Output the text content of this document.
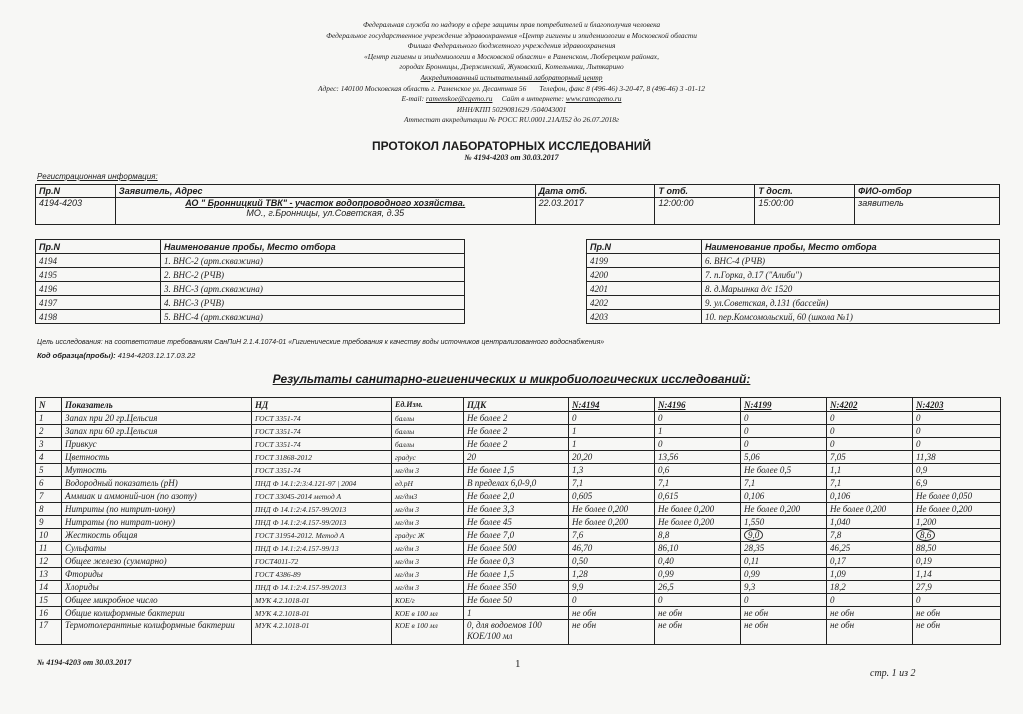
Федеральная служба по надзору в сфере защиты прав потребителей и благополучия человека
Федеральное государственное учреждение здравоохранения «Центр гигиены и эпидемиологии в Московской области
Филиал Федерального бюджетного учреждения здравоохранения
«Центр гигиены и эпидемиологии в Московской области» в Раменском, Люберецком районах,
городах Бронницы, Дзержинский, Жуковский, Котельники, Лыткарино
Аккредитованный испытательный лабораторный центр
Адрес: 140100 Московская область г. Раменское ул. Десантная 56 Телефон, факс 8 (496-46) 3-20-47, 8 (496-46) 3 -01-12
E-mail: ramenskoe@cgemo.ru Сайт в интернете: www.ramcgemo.ru
ИНН/КПП 5029081629 /504043001
Аттестат аккредитации № РОСС RU.0001.21АЛ52 до 26.07.2018г
ПРОТОКОЛ ЛАБОРАТОРНЫХ ИССЛЕДОВАНИЙ
№ 4194-4203 от 30.03.2017
Регистрационная информация:
Пр.N	Заявитель, Адрес	Дата отб.	Т отб.	Т дост.	ФИО-отбор
4194-4203	АО " Бронницкий ТВК" - участок водопроводного хозяйства.
МО., г.Бронницы, ул.Советская, д.35	22.03.2017	12:00:00	15:00:00	заявитель
Пр.N	Наименование пробы, Место отбора
4194	1. ВНС-2 (арт.скважина)
4195	2. ВНС-2 (РЧВ)
4196	3. ВНС-3 (арт.скважина)
4197	4. ВНС-3 (РЧВ)
4198	5. ВНС-4 (арт.скважина)
Пр.N	Наименование пробы, Место отбора
4199	6. ВНС-4 (РЧВ)
4200	7. п.Горка, д.17 ("Алиби")
4201	8. д.Марьинка д/с 1520
4202	9. ул.Советская, д.131 (бассейн)
4203	10. пер.Комсомольский, 60 (школа №1)
Цель исследования: на соответствие требованиям СанПиН 2.1.4.1074-01 «Гигиенические требования к качеству воды источников централизованного водоснабжения»
Код образца(пробы): 4194-4203.12.17.03.22
Результаты санитарно-гигиенических и микробиологических исследований:
N	Показатель	НД	Ед.Изм.	ПДК	N:4194	N:4196	N:4199	N:4202	N:4203
1	Запах при 20 гр.Цельсия	ГОСТ 3351-74	баллы	Не более 2	0	0	0	0	0
2	Запах при 60 гр.Цельсия	ГОСТ 3351-74	баллы	Не более 2	1	1	0	0	0
3	Привкус	ГОСТ 3351-74	баллы	Не более 2	1	0	0	0	0
4	Цветность	ГОСТ 31868-2012	градус	20	20,20	13,56	5,06	7,05	11,38
5	Мутность	ГОСТ 3351-74	мг/дм 3	Не более 1,5	1,3	0,6	Не более 0,5	1,1	0,9
6	Водородный показатель (pH)	ПНД Ф 14.1:2:3:4.121-97 | 2004	ед.pH	В пределах 6,0-9,0	7,1	7,1	7,1	7,1	6,9
7	Аммиак и аммоний-ион (по азоту)	ГОСТ 33045-2014 метод А	мг/дм3	Не более 2,0	0,605	0,615	0,106	0,106	Не более 0,050
8	Нитриты (по нитрит-иону)	ПНД Ф 14.1:2:4.157-99/2013	мг/дм 3	Не более 3,3	Не более 0,200	Не более 0,200	Не более 0,200	Не более 0,200	Не более 0,200
9	Нитраты (по нитрат-иону)	ПНД Ф 14.1:2:4.157-99/2013	мг/дм 3	Не более 45	Не более 0,200	Не более 0,200	1,550	1,040	1,200
10	Жесткость общая	ГОСТ 31954-2012. Метод А	градус Ж	Не более 7,0	7,6	8,8	9,0	7,8	8,6
11	Сульфаты	ПНД Ф 14.1:2:4.157-99/13	мг/дм 3	Не более 500	46,70	86,10	28,35	46,25	88,50
12	Общее железо (суммарно)	ГОСТ4011-72	мг/дм 3	Не более 0,3	0,50	0,40	0,11	0,17	0,19
13	Фториды	ГОСТ 4386-89	мг/дм 3	Не более 1,5	1,28	0,99	0,99	1,09	1,14
14	Хлориды	ПНД Ф 14.1:2:4.157-99/2013	мг/дм 3	Не более 350	9,9	26,5	9,3	18,2	27,9
15	Общее микробное число	МУК 4.2.1018-01	КОЕ/г	Не более 50	0	0	0	0	0
16	Общие колиформные бактерии	МУК 4.2.1018-01	КОЕ в 100 мл	1	не обн	не обн	не обн	не обн	не обн
17	Термотолерантные колиформные бактерии	МУК 4.2.1018-01	КОЕ в 100 мл	0, для водоемов 100 КОЕ/100 мл	не обн	не обн	не обн	не обн	не обн
№ 4194-4203 от 30.03.2017	1
стр. 1 из 2
